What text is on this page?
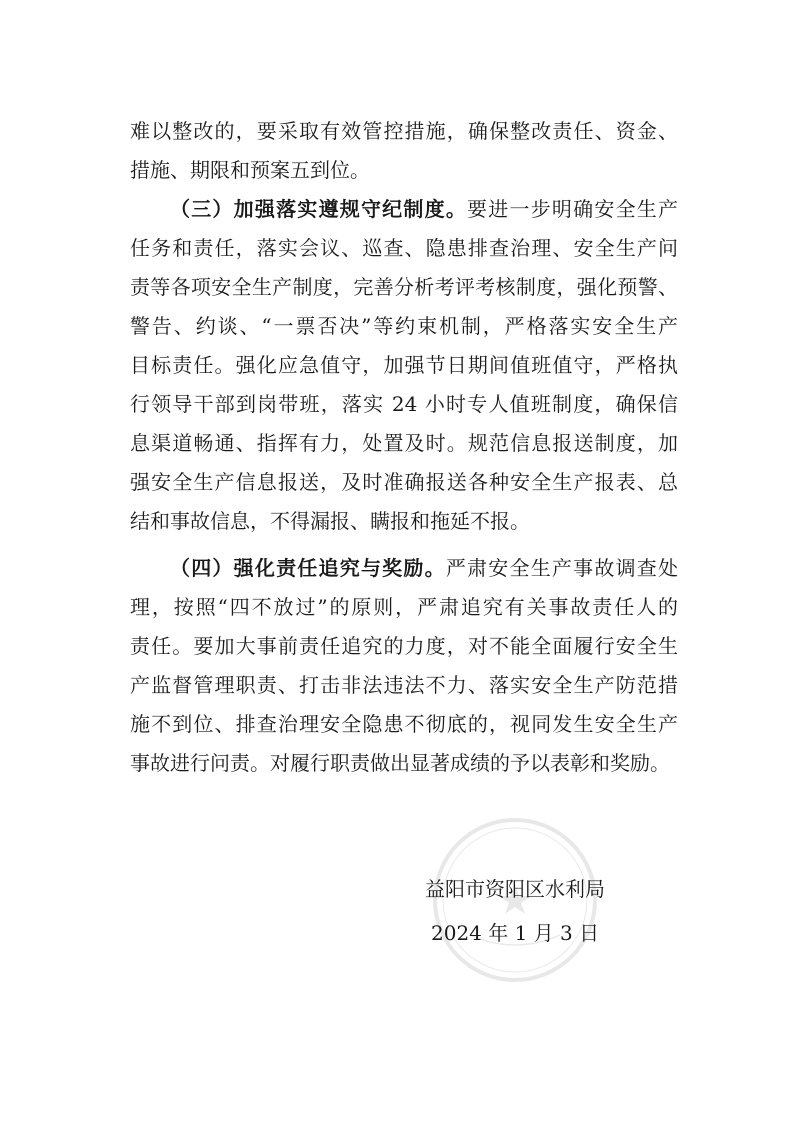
难以整改的，要采取有效管控措施，确保整改责任、资金、
措施、期限和预案五到位。
（三）加强落实遵规守纪制度。要进一步明确安全生产
任务和责任，落实会议、巡查、隐患排查治理、安全生产问
责等各项安全生产制度，完善分析考评考核制度，强化预警、
警告、约谈、“一票否决”等约束机制，严格落实安全生产
目标责任。强化应急值守，加强节日期间值班值守，严格执
行领导干部到岗带班，落实 24 小时专人值班制度，确保信
息渠道畅通、指挥有力，处置及时。规范信息报送制度，加
强安全生产信息报送，及时准确报送各种安全生产报表、总
结和事故信息，不得漏报、瞒报和拖延不报。
（四）强化责任追究与奖励。严肃安全生产事故调查处
理，按照“四不放过”的原则，严肃追究有关事故责任人的
责任。要加大事前责任追究的力度，对不能全面履行安全生
产监督管理职责、打击非法违法不力、落实安全生产防范措
施不到位、排查治理安全隐患不彻底的，视同发生安全生产
事故进行问责。对履行职责做出显著成绩的予以表彰和奖励。
益阳市资阳区水利局
2024 年 1 月 3 日
